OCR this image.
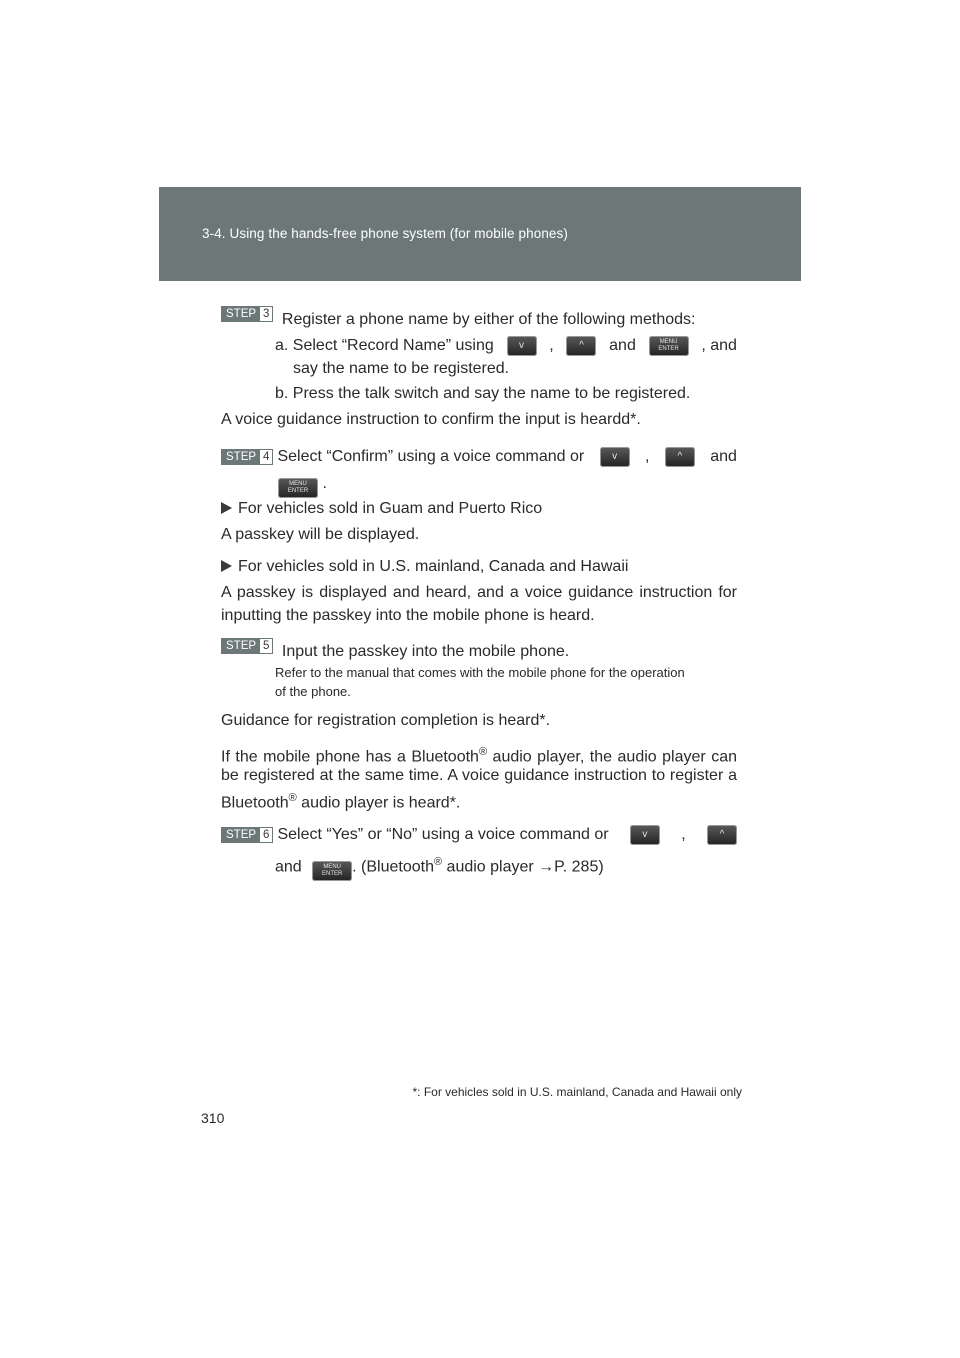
3-4. Using the hands-free phone system (for mobile phones)
STEP 3 Register a phone name by either of the following methods:
a. Select “Record Name” using	v	,	^	and	MENU
ENTER	, and
say the name to be registered.
b. Press the talk switch and say the name to be registered.
A voice guidance instruction to confirm the input is heardd*.
STEP 4 Select “Confirm” using a voice command or	v	,	^	and
MENU
ENTER .
For vehicles sold in Guam and Puerto Rico
A passkey will be displayed.
For vehicles sold in U.S. mainland, Canada and Hawaii
A passkey is displayed and heard, and a voice guidance instruction for
inputting the passkey into the mobile phone is heard.
STEP 5 Input the passkey into the mobile phone.
Refer to the manual that comes with the mobile phone for the operation
of the phone.
Guidance for registration completion is heard*.
If the mobile phone has a Bluetooth® audio player, the audio player can
be registered at the same time. A voice guidance instruction to register a
Bluetooth® audio player is heard*.
STEP 6 Select “Yes” or “No” using a voice command or	v	,	^
and	MENU
ENTER . (Bluetooth® audio player →P. 285)
*: For vehicles sold in U.S. mainland, Canada and Hawaii only
310
